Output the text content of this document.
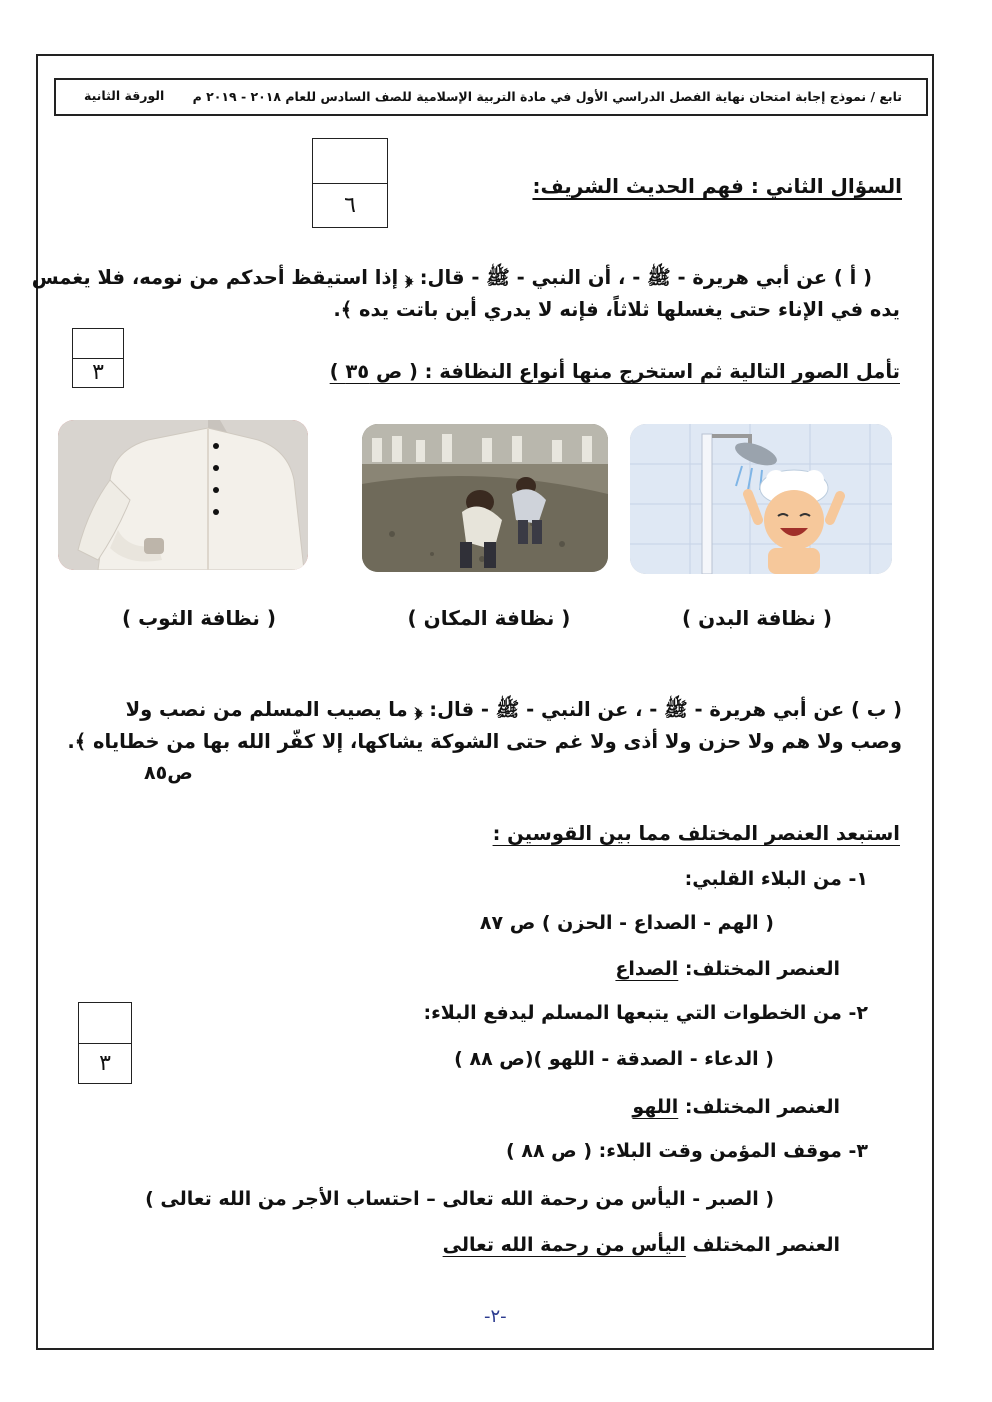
تابع / نموذج إجابة امتحان نهاية الفصل الدراسي الأول في مادة التربية الإسلامية للصف السادس للعام ٢٠١٨ - ٢٠١٩ م
الورقة الثانية
السؤال الثاني : فهم الحديث الشريف:
٦
( أ ) عن أبي هريرة - ﷺ - ، أن النبي - ﷺ - قال: ﴿ إذا استيقظ أحدكم من نومه، فلا يغمس
يده في الإناء حتى يغسلها ثلاثاً، فإنه لا يدري أين باتت يده ﴾.
تأمل الصور التالية ثم استخرج منها أنواع النظافة : ( ص ٣٥ )
٣
( نظافة البدن )
( نظافة المكان )
( نظافة الثوب )
( ب ) عن أبي هريرة - ﷺ - ، عن النبي - ﷺ - قال: ﴿ ما يصيب المسلم من نصب ولا
وصب ولا هم ولا حزن ولا أذى ولا غم حتى الشوكة يشاكها، إلا كفّر الله بها من خطاياه ﴾.
ص٨٥
استبعد العنصر المختلف مما بين القوسين :
٣
١- من البلاء القلبي:
( الهم - الصداع - الحزن ) ص ٨٧
العنصر المختلف: الصداع
٢- من الخطوات التي يتبعها المسلم ليدفع البلاء:
( الدعاء - الصدقة - اللهو )(ص ٨٨ )
العنصر المختلف: اللهو
٣- موقف المؤمن وقت البلاء: ( ص ٨٨ )
( الصبر - اليأس من رحمة الله تعالى – احتساب الأجر من الله تعالى )
العنصر المختلف اليأس من رحمة الله تعالى
-٢-
